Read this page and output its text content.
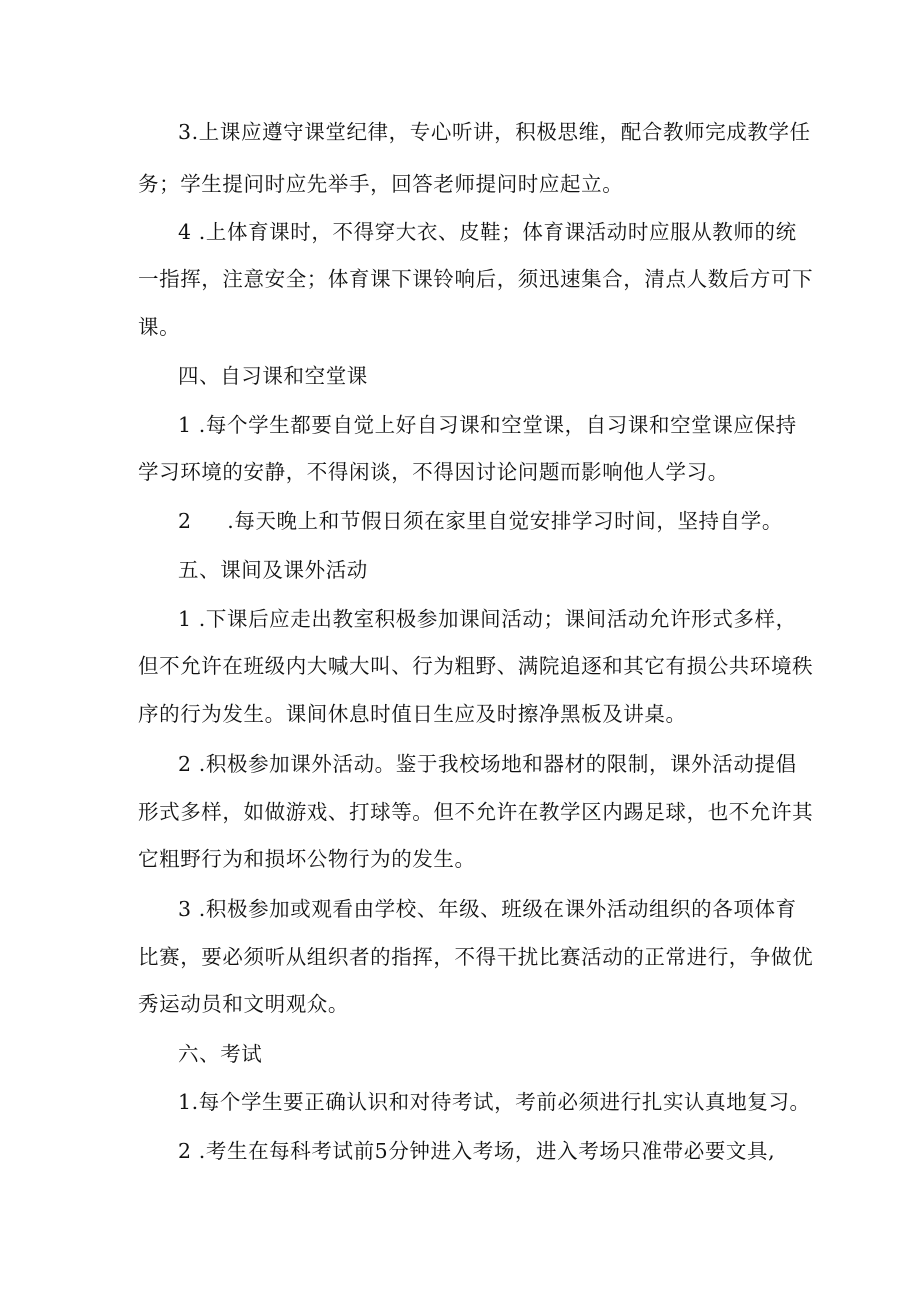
3.上课应遵守课堂纪律，专心听讲，积极思维，配合教师完成教学任
务；学生提问时应先举手，回答老师提问时应起立。
4 .上体育课时，不得穿大衣、皮鞋；体育课活动时应服从教师的统
一指挥，注意安全；体育课下课铃响后，须迅速集合，清点人数后方可下
课。
四、自习课和空堂课
1 .每个学生都要自觉上好自习课和空堂课，自习课和空堂课应保持
学习环境的安静，不得闲谈，不得因讨论问题而影响他人学习。
2     .每天晚上和节假日须在家里自觉安排学习时间，坚持自学。
五、课间及课外活动
1 .下课后应走出教室积极参加课间活动；课间活动允许形式多样，
但不允许在班级内大喊大叫、行为粗野、满院追逐和其它有损公共环境秩
序的行为发生。课间休息时值日生应及时擦净黑板及讲桌。
2 .积极参加课外活动。鉴于我校场地和器材的限制，课外活动提倡
形式多样，如做游戏、打球等。但不允许在教学区内踢足球，也不允许其
它粗野行为和损坏公物行为的发生。
3 .积极参加或观看由学校、年级、班级在课外活动组织的各项体育
比赛，要必须听从组织者的指挥，不得干扰比赛活动的正常进行，争做优
秀运动员和文明观众。
六、考试
1.每个学生要正确认识和对待考试，考前必须进行扎实认真地复习。
2 .考生在每科考试前5分钟进入考场，进入考场只准带必要文具,
